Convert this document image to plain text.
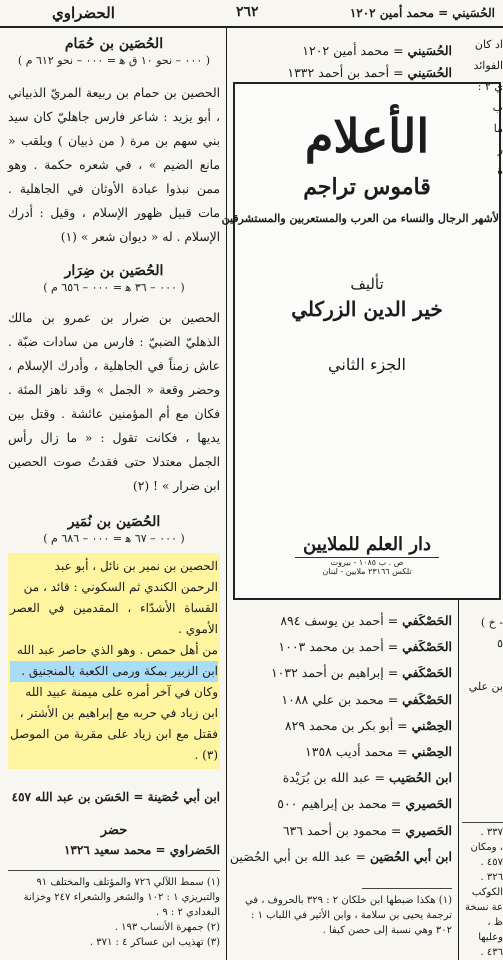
الحُسَيني = محمد أمين ١٢٠٢
٢٦٢
الحضراوي
الحُصَين بن حُمَام
( ٠٠٠ – نحو ١٠ ق ﻫ = ٠٠٠ – نحو ٦١٢ م )
الحصين بن حمام بن ربيعة المريّ الذبياني ، أبو يزيد : شاعر فارس جاهليّ كان سيد بني سهم بن مرة ( من ذبيان ) ويلقب « مانع الضيم » ، في شعره حكمة . وهو ممن نبذوا عبادة الأوثان في الجاهلية . مات قبيل ظهور الإسلام ، وقيل : أدرك الإسلام . له « ديوان شعر » (١)
الحُصَين بن ضِرَار
( ٠٠٠ – ٣٦ ﻫ = ٠٠٠ – ٦٥٦ م )
الحصين بن ضرار بن عمرو بن مالك الذهليّ الضبيّ : فارس من سادات ضبّة . عاش زمناً في الجاهلية ، وأدرك الإسلام ، وحضر وقعة « الجمل » وقد ناهز المئة . فكان مع أم المؤمنين عائشة . وقتل بين يديها ، فكانت تقول : « ما زال رأس الجمل معتدلا حتى فقدتُ صوت الحصين ابن ضرار » ! (٢)
الحُصَين بن نُمَير
( ٠٠٠ – ٦٧ ﻫ = ٠٠٠ – ٦٨٦ م )

الحصين بن نمير بن نائل ، أبو عبد

الرحمن الكندي ثم السكوني : قائد ، من

القساة الأشدّاء ، المقدمين في العصر الأموي .

من أهل حمص . وهو الذي حاصر عبد الله

ابن الزبير بمكة ورمى الكعبة بالمنجنيق .

وكان في آخر أمره على ميمنة عبيد الله

ابن زياد في حربه مع إبراهيم بن الأشتر ،

فقتل مع ابن زياد على مقربة من الموصل (٣) .

ابن أبي حُصَينة = الحَسَن بن عبد الله ٤٥٧
حضر
الحَضراوي = محمد سعيد ١٣٢٦
(١) سمط اللآلي ٧٢٦ والمؤتلف والمختلف ٩١ والتبريزي ١ : ١٠٢ والشعر والشعراء ٢٤٧ وخزانة البغدادي ٢ : ٩ .
(٢) جمهرة الأنساب ١٩٣ .
(٣) تهذيب ابن عساكر ٤ : ٣٧١ .
الحُسَيني = محمد أمين ١٢٠٢
الحُسَيني = أحمد بن أحمد ١٣٣٢
الأعلام
قاموس تراجم
لأشهر الرجال والنساء من العرب والمستعربين والمستشرقين
تأليف
خير الدين الزركلي
الجزء الثاني
دار العلم للملايين
ص . ب ١٠٨٥ - بيروت
تلكس ٢٣١٦٦ ملايين - لبنان
الحَصْكَفي = أحمد بن يوسف ٨٩٤
الحَصْكَفي = أحمد بن محمد ١٠٠٣
الحَصْكَفي = إبراهيم بن أحمد ١٠٣٢
الحَصْكَفي = محمد بن علي ١٠٨٨
الحِصْني = أبو بكر بن محمد ٨٢٩
الحِصْني = محمد أديب ١٣٥٨
ابن الحُصَيب = عبد الله بن بُرَيْدة
الحَصيري = محمد بن إبراهيم ٥٠٠
الحَصيري = محمود بن أحمد ٦٣٦
ابن أبي الحُصَين = عبد الله بن أبي الحُصَين
(١) هكذا ضبطها ابن خلكان ٢ : ٣٢٩ بالحروف ، في ترجمة يحيى بن سلامة ، وابن الأثير في اللباب ١ : ٣٠٢ وهي نسبة إلى حصن كيفا .
اد كان
الفوائد
ي ٢ :
ب
ما
ر
ة
- خ )
٥
بن علي
٣٣٧ .
، ومكان
٤٥٧ .
٣٢٦ .
الكوكب
عة نسخة
ظ ، وعليها
٤٣٦ .
